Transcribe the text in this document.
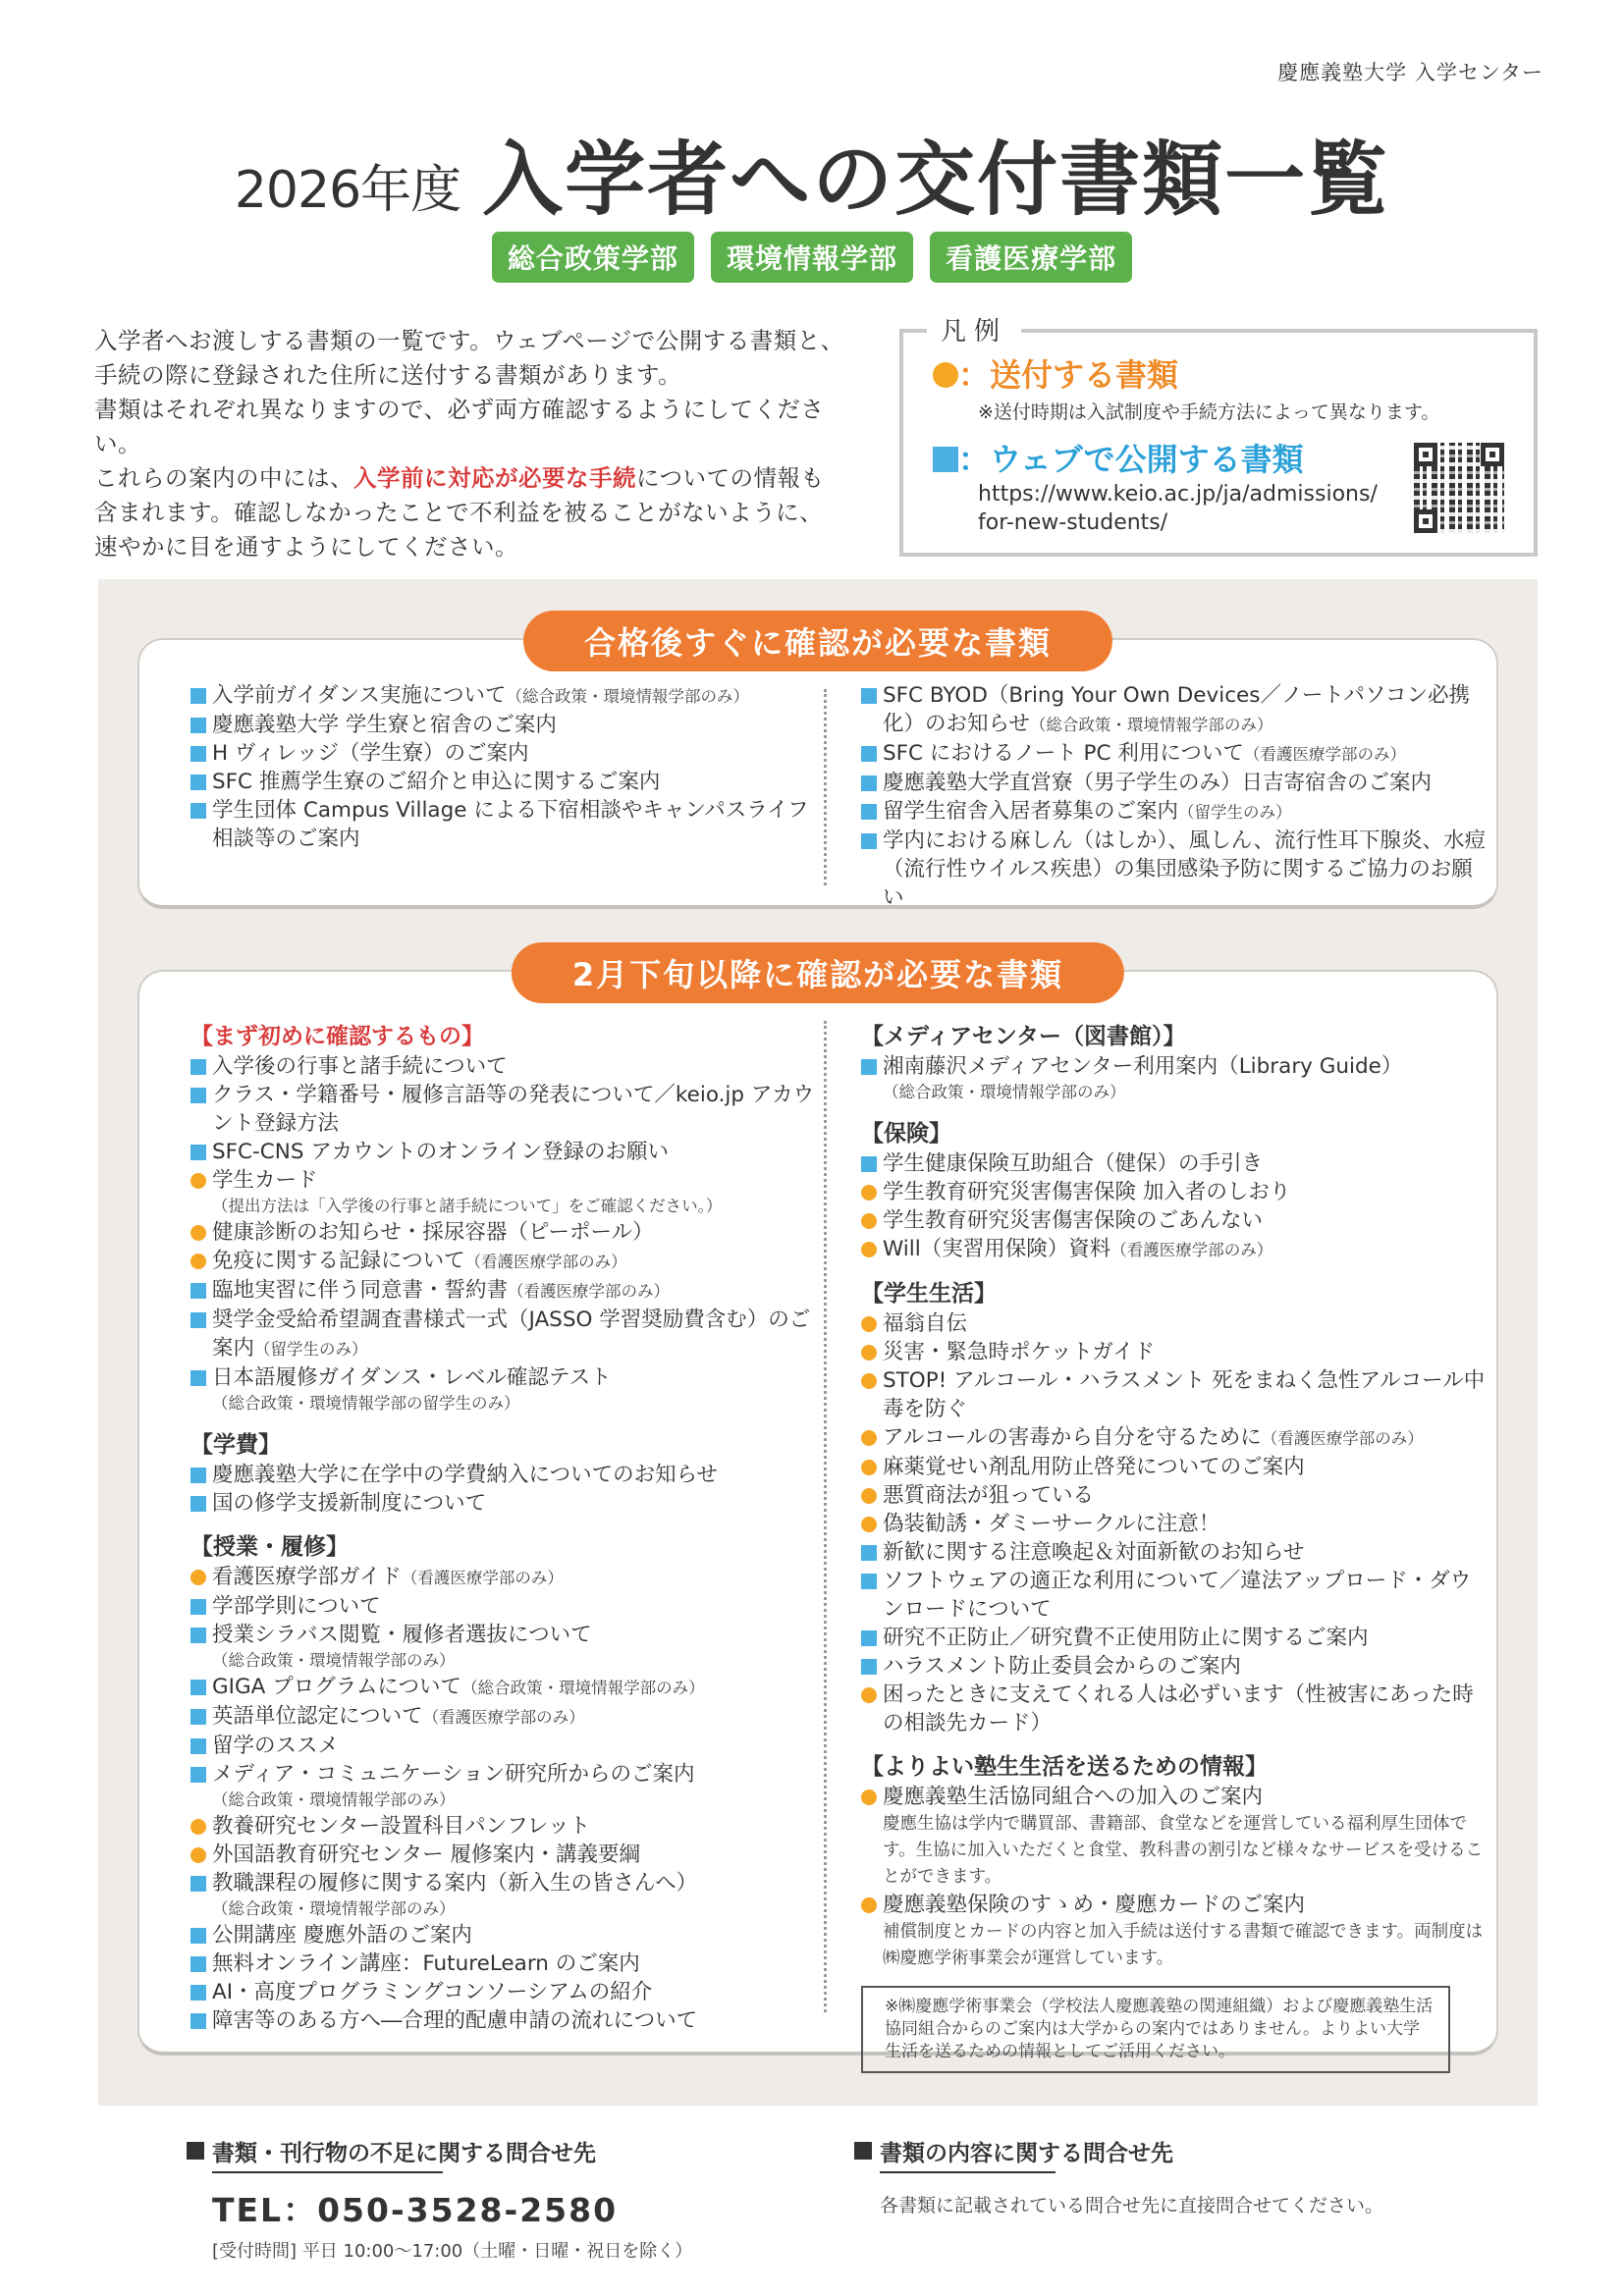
慶應義塾大学 入学センター
2026年度 入学者への交付書類一覧
総合政策学部 環境情報学部 看護医療学部

入学者へお渡しする書類の一覧です。ウェブページで公開する書類と、

手続の際に登録された住所に送付する書類があります。

書類はそれぞれ異なりますので、必ず両方確認するようにしてください。

これらの案内の中には、入学前に対応が必要な手続についての情報も

含まれます。確認しなかったことで不利益を被ることがないように、

速やかに目を通すようにしてください。

凡例
：送付する書類
※送付時期は入試制度や手続方法によって異なります。
：ウェブで公開する書類
https://www.keio.ac.jp/ja/admissions/
for-new-students/
合格後すぐに確認が必要な書類
入学前ガイダンス実施について（総合政策・環境情報学部のみ）
慶應義塾大学 学生寮と宿舎のご案内
H ヴィレッジ（学生寮）のご案内
SFC 推薦学生寮のご紹介と申込に関するご案内
学生団体 Campus Village による下宿相談やキャンパスライフ相談等のご案内
SFC BYOD（Bring Your Own Devices／ノートパソコン必携化）のお知らせ（総合政策・環境情報学部のみ）
SFC におけるノート PC 利用について（看護医療学部のみ）
慶應義塾大学直営寮（男子学生のみ）日吉寄宿舎のご案内
留学生宿舎入居者募集のご案内（留学生のみ）
学内における麻しん（はしか）、風しん、流行性耳下腺炎、水痘（流行性ウイルス疾患）の集団感染予防に関するご協力のお願い
2月下旬以降に確認が必要な書類
【まず初めに確認するもの】
入学後の行事と諸手続について
クラス・学籍番号・履修言語等の発表について／keio.jp アカウント登録方法
SFC-CNS アカウントのオンライン登録のお願い
学生カード
（提出方法は「入学後の行事と諸手続について」をご確認ください。）
健康診断のお知らせ・採尿容器（ピーポール）
免疫に関する記録について（看護医療学部のみ）
臨地実習に伴う同意書・誓約書（看護医療学部のみ）
奨学金受給希望調査書様式一式（JASSO 学習奨励費含む）のご案内（留学生のみ）
日本語履修ガイダンス・レベル確認テスト
（総合政策・環境情報学部の留学生のみ）
【学費】
慶應義塾大学に在学中の学費納入についてのお知らせ
国の修学支援新制度について
【授業・履修】
看護医療学部ガイド（看護医療学部のみ）
学部学則について
授業シラバス閲覧・履修者選抜について
（総合政策・環境情報学部のみ）
GIGA プログラムについて（総合政策・環境情報学部のみ）
英語単位認定について（看護医療学部のみ）
留学のススメ
メディア・コミュニケーション研究所からのご案内
（総合政策・環境情報学部のみ）
教養研究センター設置科目パンフレット
外国語教育研究センター 履修案内・講義要綱
教職課程の履修に関する案内（新入生の皆さんへ）
（総合政策・環境情報学部のみ）
公開講座 慶應外語のご案内
無料オンライン講座：FutureLearn のご案内
AI・高度プログラミングコンソーシアムの紹介
障害等のある方へ―合理的配慮申請の流れについて
【メディアセンター（図書館）】
湘南藤沢メディアセンター利用案内（Library Guide）
（総合政策・環境情報学部のみ）
【保険】
学生健康保険互助組合（健保）の手引き
学生教育研究災害傷害保険 加入者のしおり
学生教育研究災害傷害保険のごあんない
Will（実習用保険）資料（看護医療学部のみ）
【学生生活】
福翁自伝
災害・緊急時ポケットガイド
STOP! アルコール・ハラスメント 死をまねく急性アルコール中毒を防ぐ
アルコールの害毒から自分を守るために（看護医療学部のみ）
麻薬覚せい剤乱用防止啓発についてのご案内
悪質商法が狙っている
偽装勧誘・ダミーサークルに注意！
新歓に関する注意喚起＆対面新歓のお知らせ
ソフトウェアの適正な利用について／違法アップロード・ダウンロードについて
研究不正防止／研究費不正使用防止に関するご案内
ハラスメント防止委員会からのご案内
困ったときに支えてくれる人は必ずいます（性被害にあった時の相談先カード）
【よりよい塾生生活を送るための情報】
慶應義塾生活協同組合への加入のご案内
慶應生協は学内で購買部、書籍部、食堂などを運営している福利厚生団体です。生協に加入いただくと食堂、教科書の割引など様々なサービスを受けることができます。
慶應義塾保険のすゝめ・慶應カードのご案内
補償制度とカードの内容と加入手続は送付する書類で確認できます。両制度は㈱慶應学術事業会が運営しています。
※㈱慶應学術事業会（学校法人慶應義塾の関連組織）および慶應義塾生活協同組合からのご案内は大学からの案内ではありません。よりよい大学生活を送るための情報としてご活用ください。
書類・刊行物の不足に関する問合せ先
TEL：050-3528-2580
[受付時間] 平日 10:00〜17:00（土曜・日曜・祝日を除く）
書類の内容に関する問合せ先
各書類に記載されている問合せ先に直接問合せてください。
